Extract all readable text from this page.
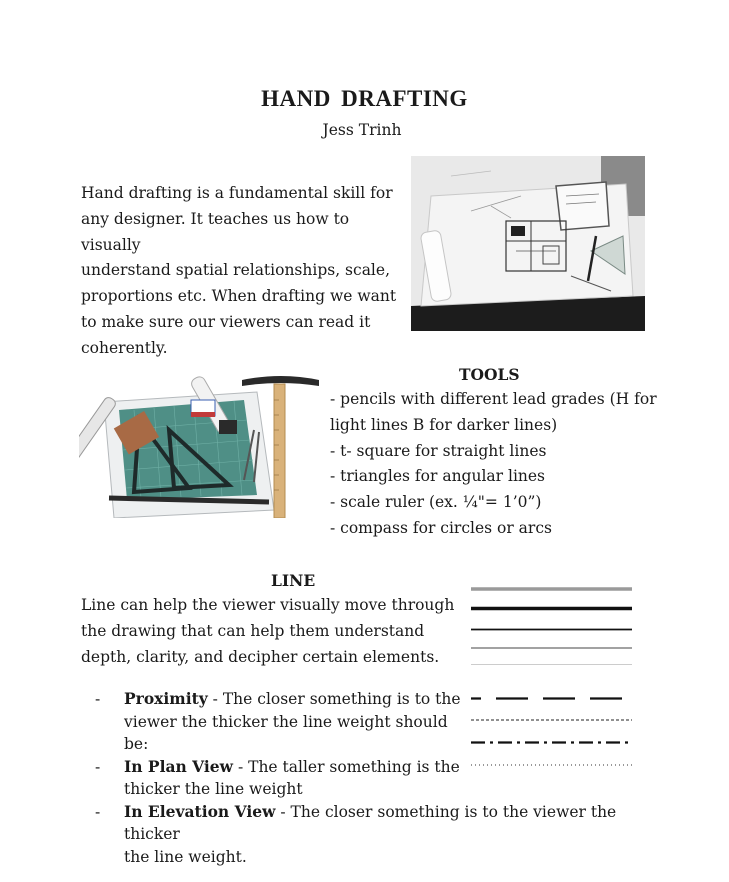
HAND DRAFTING
Jess Trinh
Hand drafting is a fundamental skill for
any designer. It teaches us how to visually
understand spatial relationships, scale,
proportions etc. When drafting we want
to make sure our viewers can read it
coherently.
TOOLS
- pencils with different lead grades (H for
light lines B for darker lines)
- t- square for straight lines
- triangles for angular lines
- scale ruler (ex. ¼"= 1’0”)
- compass for circles or arcs
LINE
Line can help the viewer visually move through
the drawing that can help them understand
depth, clarity, and decipher certain elements.
- Proximity - The closer something is to the
viewer the thicker the line weight should
be:
- In Plan View - The taller something is the
thicker the line weight
- In Elevation View - The closer something is to the viewer the thicker
the line weight.
